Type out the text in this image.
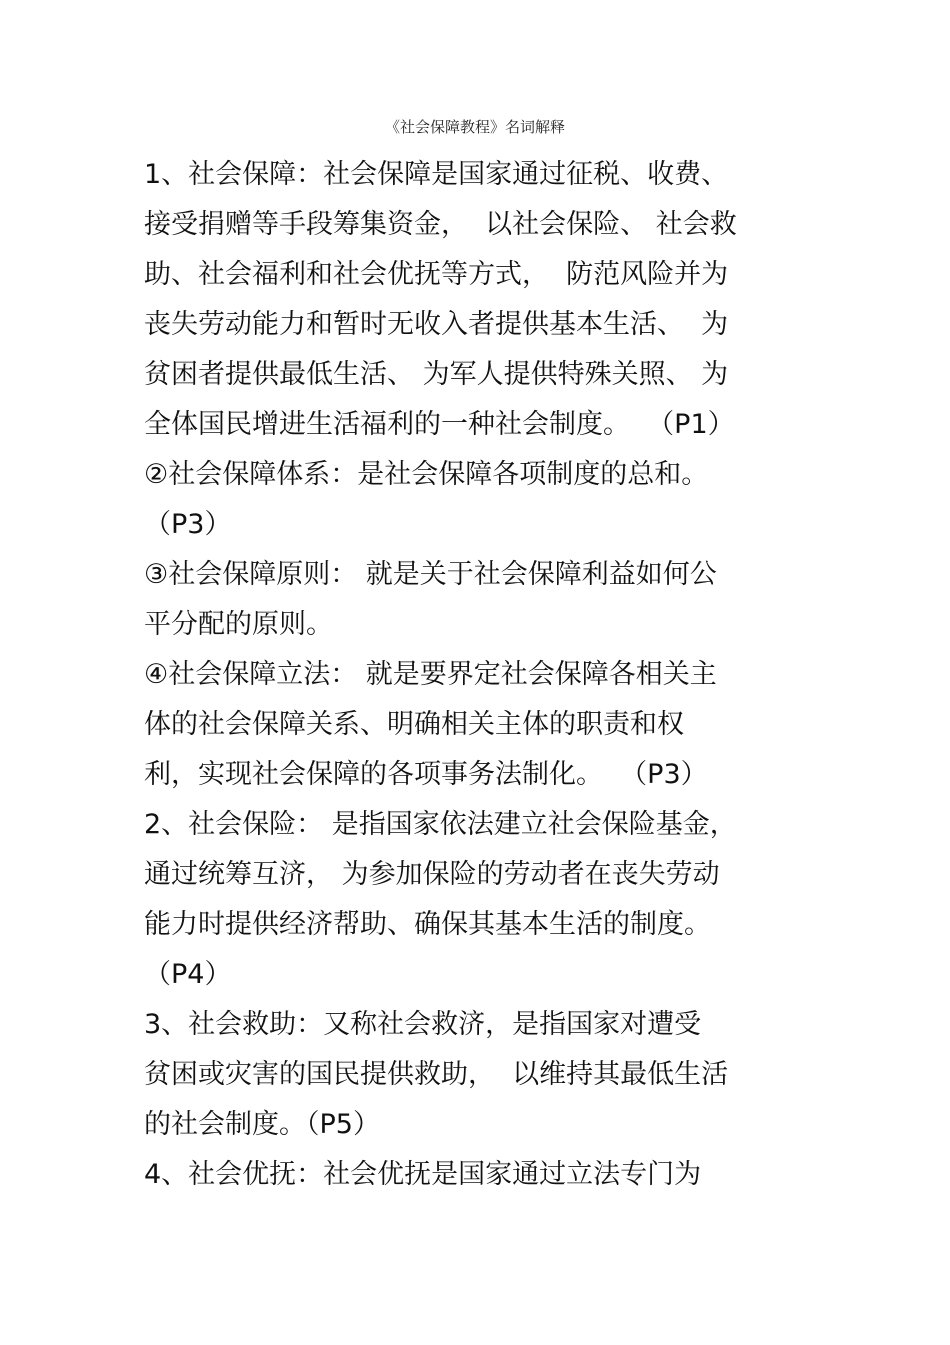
《社会保障教程》名词解释
1、社会保障：社会保障是国家通过征税、收费、
接受捐赠等手段筹集资金，  以社会保险、 社会救
助、社会福利和社会优抚等方式，  防范风险并为
丧失劳动能力和暂时无收入者提供基本生活、  为
贫困者提供最低生活、 为军人提供特殊关照、 为
全体国民增进生活福利的一种社会制度。  （P1）
②社会保障体系：是社会保障各项制度的总和。
（P3）
③社会保障原则： 就是关于社会保障利益如何公
平分配的原则。
④社会保障立法： 就是要界定社会保障各相关主
体的社会保障关系、明确相关主体的职责和权
利，实现社会保障的各项事务法制化。  （P3）
2、社会保险： 是指国家依法建立社会保险基金，
通过统筹互济， 为参加保险的劳动者在丧失劳动
能力时提供经济帮助、确保其基本生活的制度。
（P4）
3、社会救助：又称社会救济，是指国家对遭受
贫困或灾害的国民提供救助，  以维持其最低生活
的社会制度。（P5）
4、社会优抚：社会优抚是国家通过立法专门为
